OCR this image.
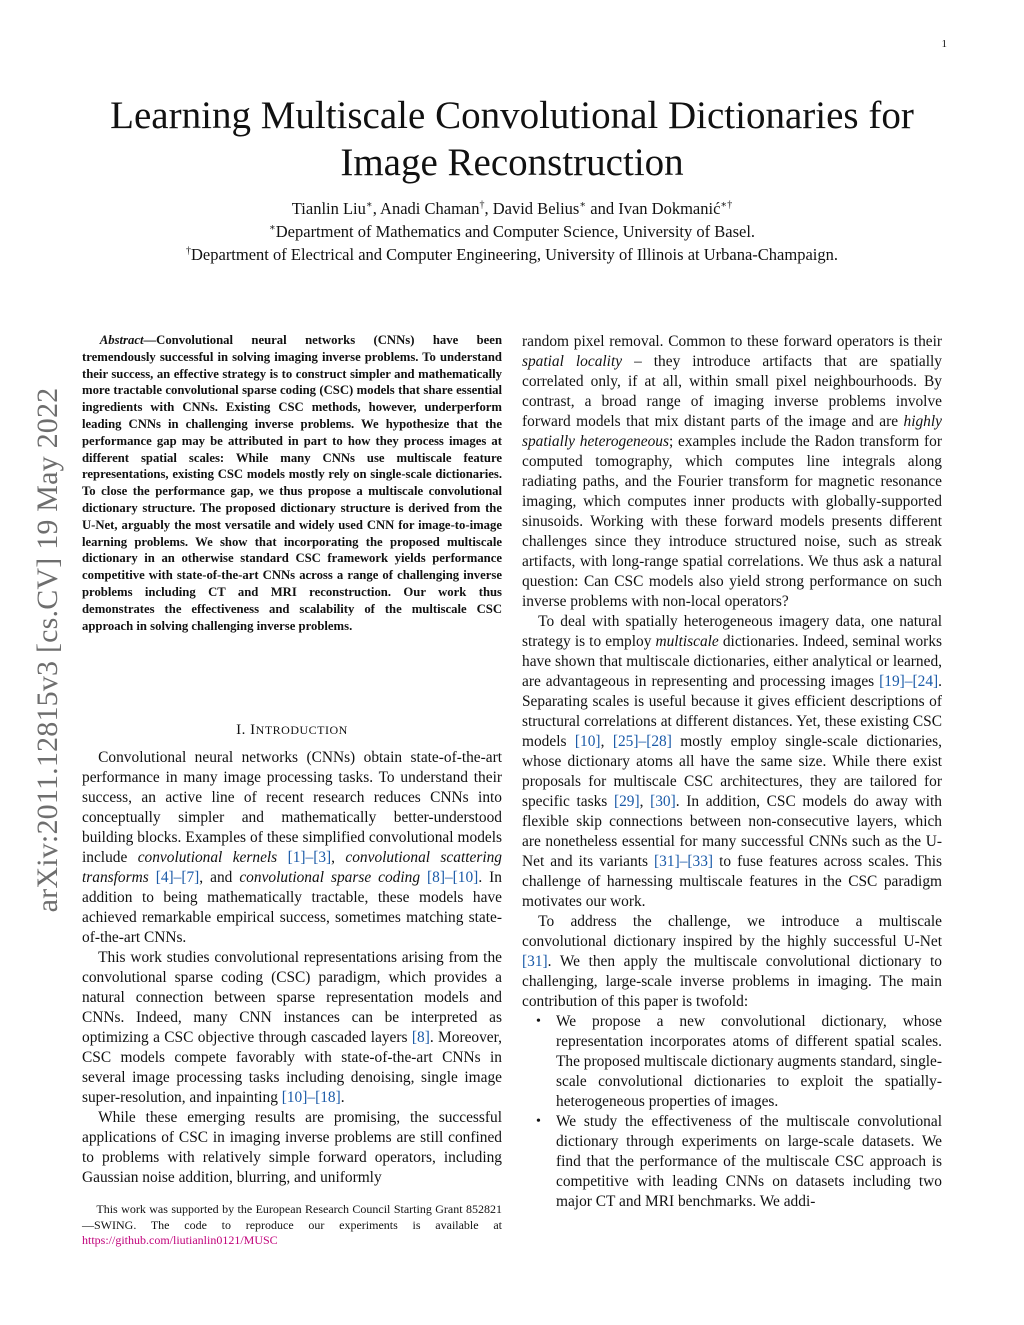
1
Learning Multiscale Convolutional Dictionaries for
Image Reconstruction
Tianlin Liu∗, Anadi Chaman†, David Belius∗ and Ivan Dokmanić∗†
∗Department of Mathematics and Computer Science, University of Basel.
†Department of Electrical and Computer Engineering, University of Illinois at Urbana-Champaign.
arXiv:2011.12815v3 [cs.CV] 19 May 2022
Abstract—Convolutional neural networks (CNNs) have been tremendously successful in solving imaging inverse problems. To understand their success, an effective strategy is to construct simpler and mathematically more tractable convolutional sparse coding (CSC) models that share essential ingredients with CNNs. Existing CSC methods, however, underperform leading CNNs in challenging inverse problems. We hypothesize that the performance gap may be attributed in part to how they process images at different spatial scales: While many CNNs use multiscale feature representations, existing CSC models mostly rely on single-scale dictionaries. To close the performance gap, we thus propose a multiscale convolutional dictionary structure. The proposed dictionary structure is derived from the U-Net, arguably the most versatile and widely used CNN for image-to-image learning problems. We show that incorporating the proposed multiscale dictionary in an otherwise standard CSC framework yields performance competitive with state-of-the-art CNNs across a range of challenging inverse problems including CT and MRI reconstruction. Our work thus demonstrates the effectiveness and scalability of the multiscale CSC approach in solving challenging inverse problems.
I. INTRODUCTION

Convolutional neural networks (CNNs) obtain state-of-the-art performance in many image processing tasks. To understand their success, an active line of recent research reduces CNNs into conceptually simpler and mathematically better-understood building blocks. Examples of these simplified convolutional models include convolutional kernels [1]–[3], convolutional scattering transforms [4]–[7], and convolutional sparse coding [8]–[10]. In addition to being mathematically tractable, these models have achieved remarkable empirical success, sometimes matching state-of-the-art CNNs.

This work studies convolutional representations arising from the convolutional sparse coding (CSC) paradigm, which provides a natural connection between sparse representation models and CNNs. Indeed, many CNN instances can be interpreted as optimizing a CSC objective through cascaded layers [8]. Moreover, CSC models compete favorably with state-of-the-art CNNs in several image processing tasks including denoising, single image super-resolution, and inpainting [10]–[18].

While these emerging results are promising, the successful applications of CSC in imaging inverse problems are still confined to problems with relatively simple forward operators, including Gaussian noise addition, blurring, and uniformly

This work was supported by the European Research Council Starting Grant 852821—SWING. The code to reproduce our experiments is available at https://github.com/liutianlin0121/MUSC

random pixel removal. Common to these forward operators is their spatial locality – they introduce artifacts that are spatially correlated only, if at all, within small pixel neighbourhoods. By contrast, a broad range of imaging inverse problems involve forward models that mix distant parts of the image and are highly spatially heterogeneous; examples include the Radon transform for computed tomography, which computes line integrals along radiating paths, and the Fourier transform for magnetic resonance imaging, which computes inner products with globally-supported sinusoids. Working with these forward models presents different challenges since they introduce structured noise, such as streak artifacts, with long-range spatial correlations. We thus ask a natural question: Can CSC models also yield strong performance on such inverse problems with non-local operators?

To deal with spatially heterogeneous imagery data, one natural strategy is to employ multiscale dictionaries. Indeed, seminal works have shown that multiscale dictionaries, either analytical or learned, are advantageous in representing and processing images [19]–[24]. Separating scales is useful because it gives efficient descriptions of structural correlations at different distances. Yet, these existing CSC models [10], [25]–[28] mostly employ single-scale dictionaries, whose dictionary atoms all have the same size. While there exist proposals for multiscale CSC architectures, they are tailored for specific tasks [29], [30]. In addition, CSC models do away with flexible skip connections between non-consecutive layers, which are nonetheless essential for many successful CNNs such as the U-Net and its variants [31]–[33] to fuse features across scales. This challenge of harnessing multiscale features in the CSC paradigm motivates our work.

To address the challenge, we introduce a multiscale convolutional dictionary inspired by the highly successful U-Net [31]. We then apply the multiscale convolutional dictionary to challenging, large-scale inverse problems in imaging. The main contribution of this paper is twofold:

• We propose a new convolutional dictionary, whose representation incorporates atoms of different spatial scales. The proposed multiscale dictionary augments standard, single-scale convolutional dictionaries to exploit the spatially-heterogeneous properties of images.
• We study the effectiveness of the multiscale convolutional dictionary through experiments on large-scale datasets. We find that the performance of the multiscale CSC approach is competitive with leading CNNs on datasets including two major CT and MRI benchmarks. We addi-
